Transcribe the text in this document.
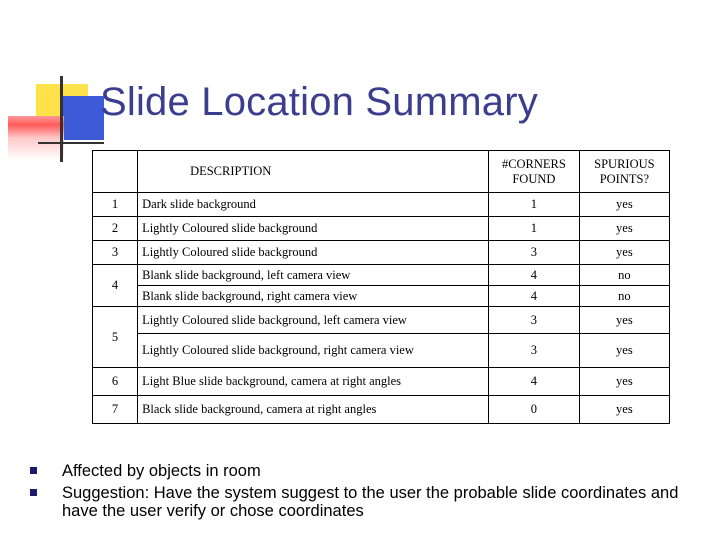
Slide Location Summary
	DESCRIPTION	#CORNERS FOUND	SPURIOUS POINTS?
1	Dark slide background	1	yes
2	Lightly Coloured slide background	1	yes
3	Lightly Coloured slide background	3	yes
4	Blank slide background, left camera view	4	no
	Blank slide background, right camera view	4	no
5	Lightly Coloured slide background, left camera view	3	yes
	Lightly Coloured slide background, right camera view	3	yes
6	Light Blue slide background, camera at right angles	4	yes
7	Black slide background, camera at right angles	0	yes
Affected by objects in room
Suggestion: Have the system suggest to the user the probable slide coordinates and have the user verify or chose coordinates
